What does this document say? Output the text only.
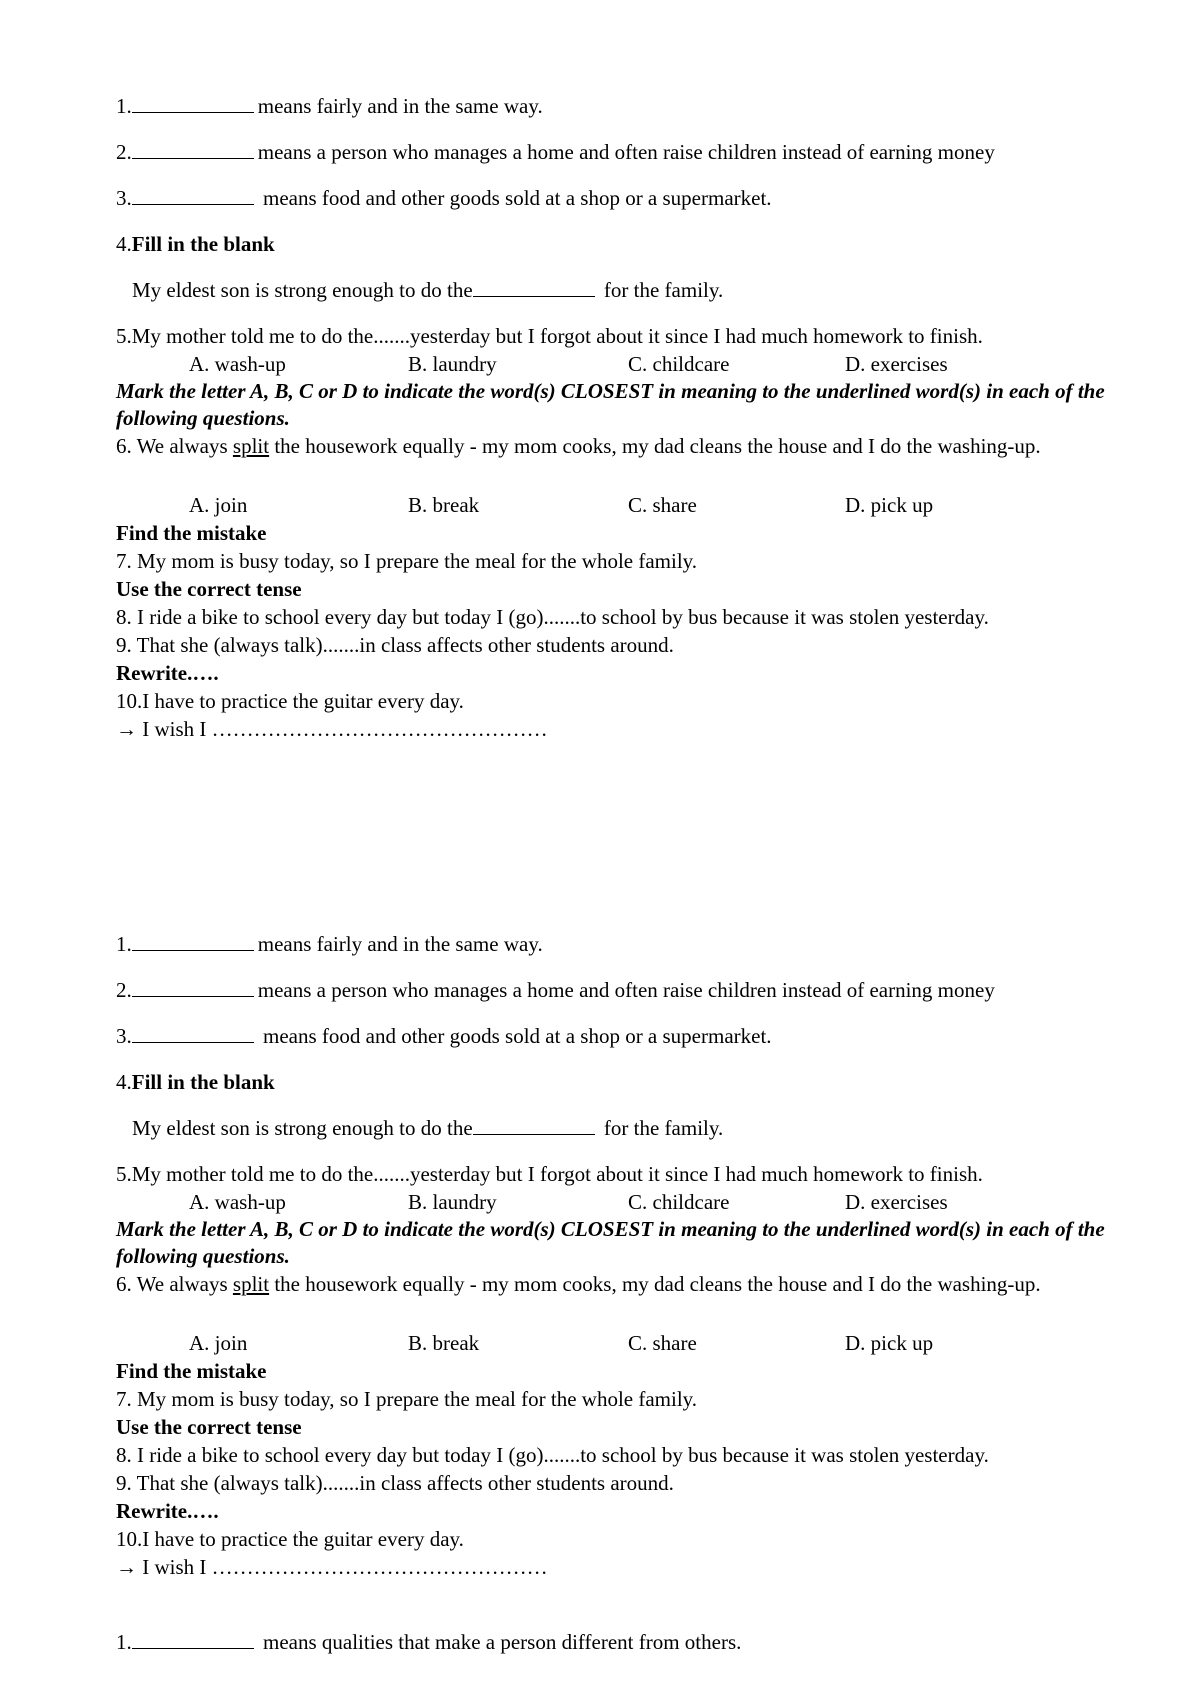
1.	means fairly and in the same way.
2.	means a person who manages a home and often raise children instead of earning money
3.	means food and other goods sold at a shop or a supermarket.
4.Fill in the blank
My eldest son is strong enough to do the	for the family.
5.My mother told me to do the.......yesterday but I forgot about it since I had much homework to finish.
A. wash-up	B. laundry	C. childcare	D. exercises
Mark the letter A, B, C or D to indicate the word(s) CLOSEST in meaning to the underlined word(s) in each of the following questions.
6. We always split the housework equally - my mom cooks, my dad cleans the house and I do the washing-up.
A. join	B. break	C. share	D. pick up
Find the mistake
7. My mom is busy today, so I prepare the meal for the whole family.
Use the correct tense
8. I ride a bike to school every day but today I (go).......to school by bus because it was stolen yesterday.
9. That she (always talk).......in class affects other students around.
Rewrite.….
10.I have to practice the guitar every day.
→ I wish I …………………………………………
1.	means fairly and in the same way.
2.	means a person who manages a home and often raise children instead of earning money
3.	means food and other goods sold at a shop or a supermarket.
4.Fill in the blank
My eldest son is strong enough to do the	for the family.
5.My mother told me to do the.......yesterday but I forgot about it since I had much homework to finish.
A. wash-up	B. laundry	C. childcare	D. exercises
Mark the letter A, B, C or D to indicate the word(s) CLOSEST in meaning to the underlined word(s) in each of the following questions.
6. We always split the housework equally - my mom cooks, my dad cleans the house and I do the washing-up.
A. join	B. break	C. share	D. pick up
Find the mistake
7. My mom is busy today, so I prepare the meal for the whole family.
Use the correct tense
8. I ride a bike to school every day but today I (go).......to school by bus because it was stolen yesterday.
9. That she (always talk).......in class affects other students around.
Rewrite.….
10.I have to practice the guitar every day.
→ I wish I …………………………………………
1.	means qualities that make a person different from others.
